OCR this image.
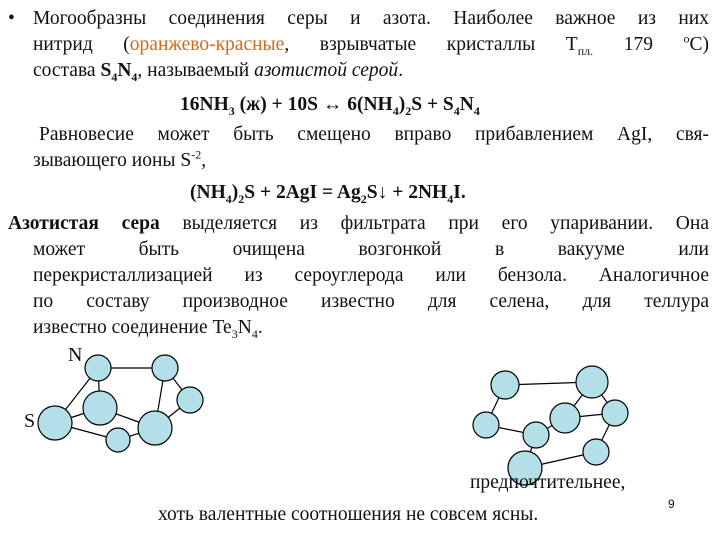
• Могообразны соединения серы и азота. Наиболее важное из них
нитрид (оранжево-красные, взрывчатые кристаллы $T_{пл.}$ 179 $^o$C)
состава $S_4N_4$, называемый азотистой серой.
$16NH_3$ (ж) + 10S ↔ $6(NH_4)_2S + S_4N_4$
Равновесие может быть смещено вправо прибавлением AgI, свя-
зывающего ионы $S^{-2}$,
$(NH_4)_2S + 2AgI$ = $Ag_2S↓ + 2NH_4I$.
Азотистая сера выделяется из фильтрата при его упаривании. Она
может быть очищена возгонкой в вакууме или
перекристаллизацией из сероуглерода или бензола. Аналогичное
по составу производное известно для селена, для теллура
известно соединение $Te_3N_4$.
N
S
предпочтительнее,
хоть валентные соотношения не совсем ясны.	9
